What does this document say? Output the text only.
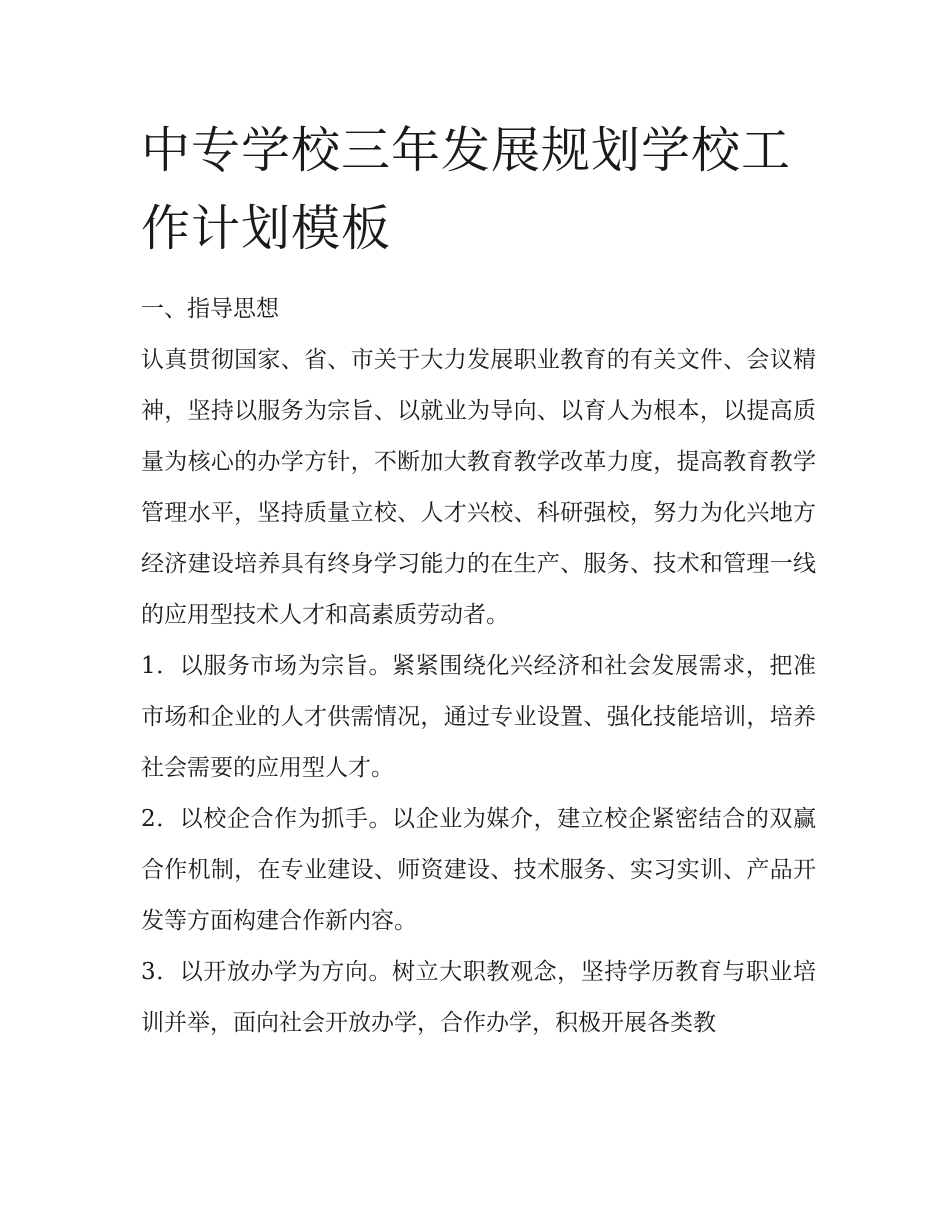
中专学校三年发展规划学校工作计划模板

一、指导思想

认真贯彻国家、省、市关于大力发展职业教育的有关文件、会议精神，坚持以服务为宗旨、以就业为导向、以育人为根本，以提高质量为核心的办学方针，不断加大教育教学改革力度，提高教育教学管理水平，坚持质量立校、人才兴校、科研强校，努力为化兴地方经济建设培养具有终身学习能力的在生产、服务、技术和管理一线的应用型技术人才和高素质劳动者。

1．以服务市场为宗旨。紧紧围绕化兴经济和社会发展需求，把准市场和企业的人才供需情况，通过专业设置、强化技能培训，培养社会需要的应用型人才。

2．以校企合作为抓手。以企业为媒介，建立校企紧密结合的双赢合作机制，在专业建设、师资建设、技术服务、实习实训、产品开发等方面构建合作新内容。

3．以开放办学为方向。树立大职教观念，坚持学历教育与职业培训并举，面向社会开放办学，合作办学，积极开展各类教
